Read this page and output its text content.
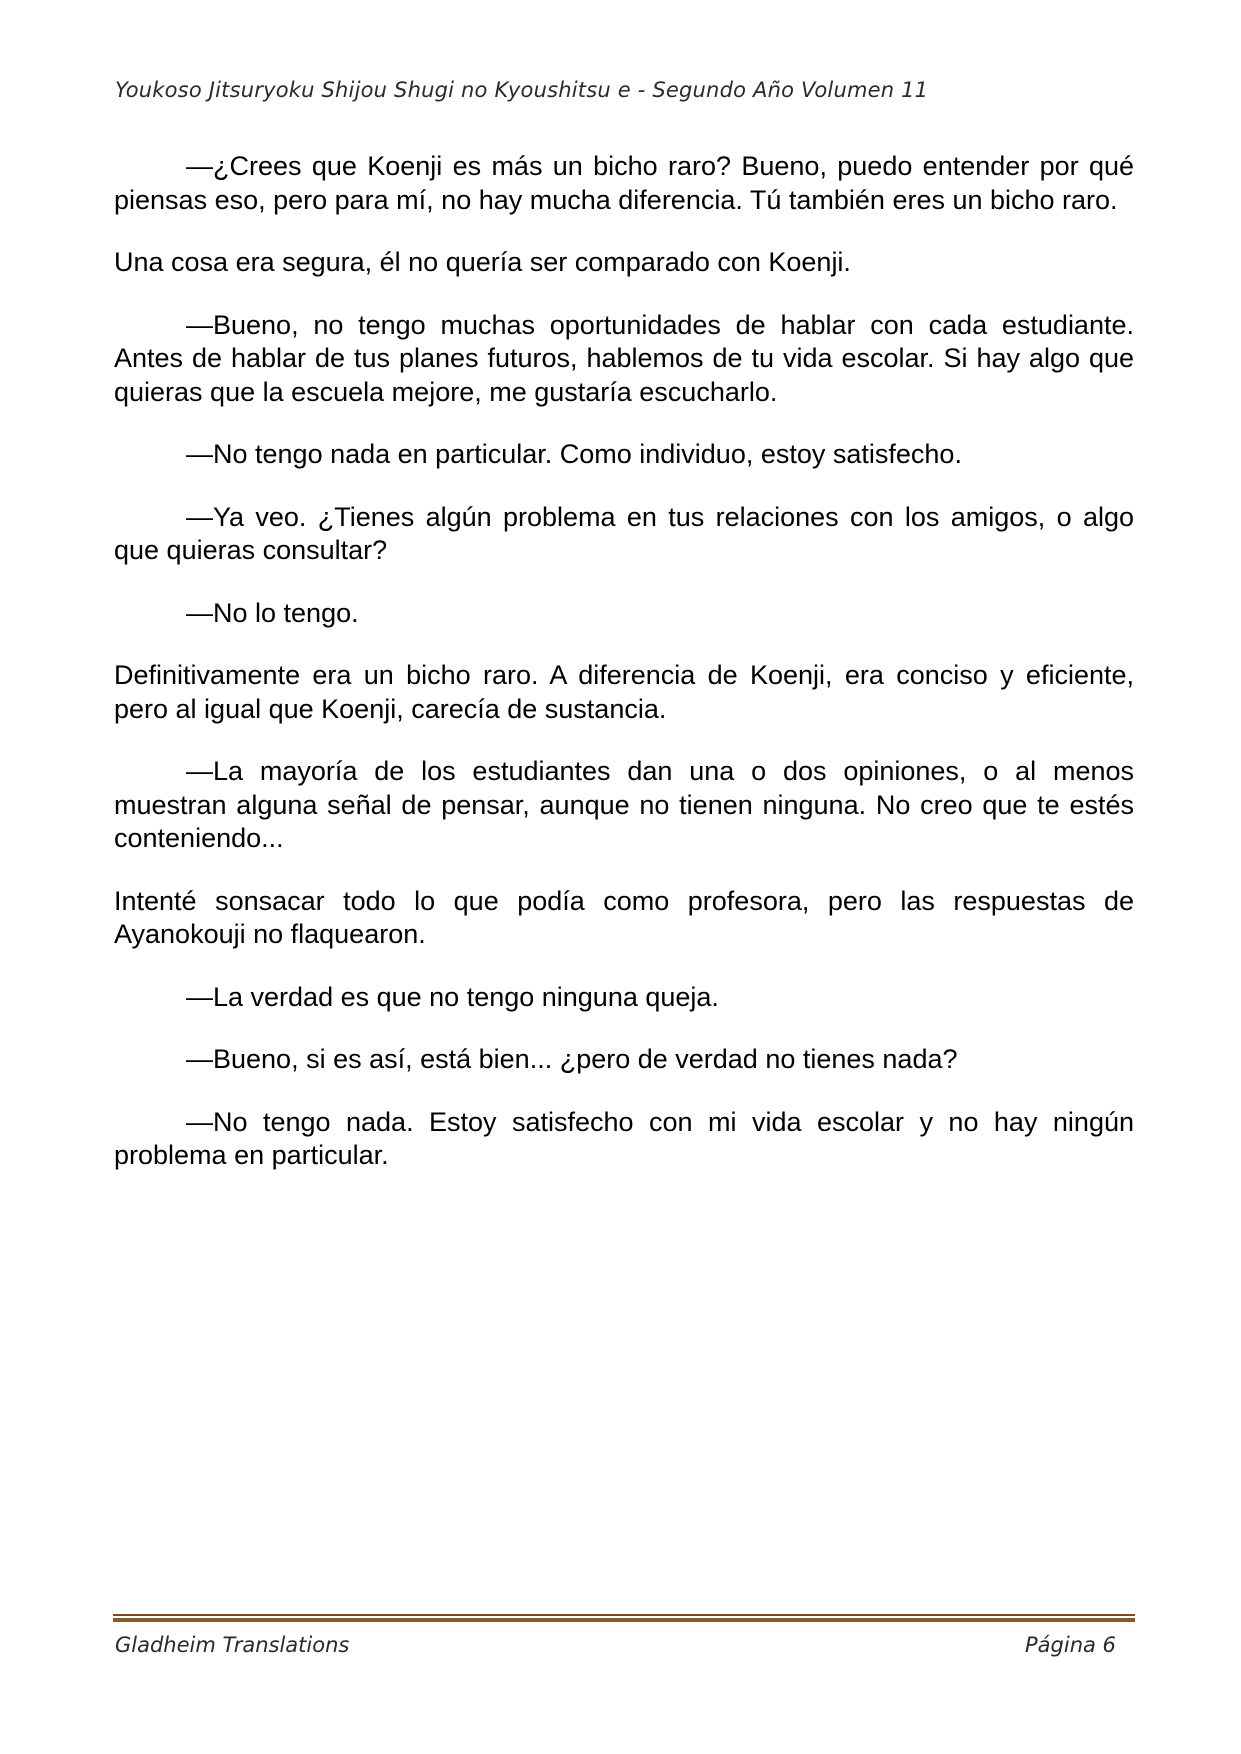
Youkoso Jitsuryoku Shijou Shugi no Kyoushitsu e - Segundo Año Volumen 11

—¿Crees que Koenji es más un bicho raro? Bueno, puedo entender por qué piensas eso, pero para mí, no hay mucha diferencia. Tú también eres un bicho raro.

Una cosa era segura, él no quería ser comparado con Koenji.

—Bueno, no tengo muchas oportunidades de hablar con cada estudiante. Antes de hablar de tus planes futuros, hablemos de tu vida escolar. Si hay algo que quieras que la escuela mejore, me gustaría escucharlo.

—No tengo nada en particular. Como individuo, estoy satisfecho.

—Ya veo. ¿Tienes algún problema en tus relaciones con los amigos, o algo que quieras consultar?

—No lo tengo.

Definitivamente era un bicho raro. A diferencia de Koenji, era conciso y eficiente, pero al igual que Koenji, carecía de sustancia.

—La mayoría de los estudiantes dan una o dos opiniones, o al menos muestran alguna señal de pensar, aunque no tienen ninguna. No creo que te estés conteniendo...

Intenté sonsacar todo lo que podía como profesora, pero las respuestas de Ayanokouji no flaquearon.

—La verdad es que no tengo ninguna queja.

—Bueno, si es así, está bien... ¿pero de verdad no tienes nada?

—No tengo nada. Estoy satisfecho con mi vida escolar y no hay ningún problema en particular.

Gladheim Translations	Página 6
